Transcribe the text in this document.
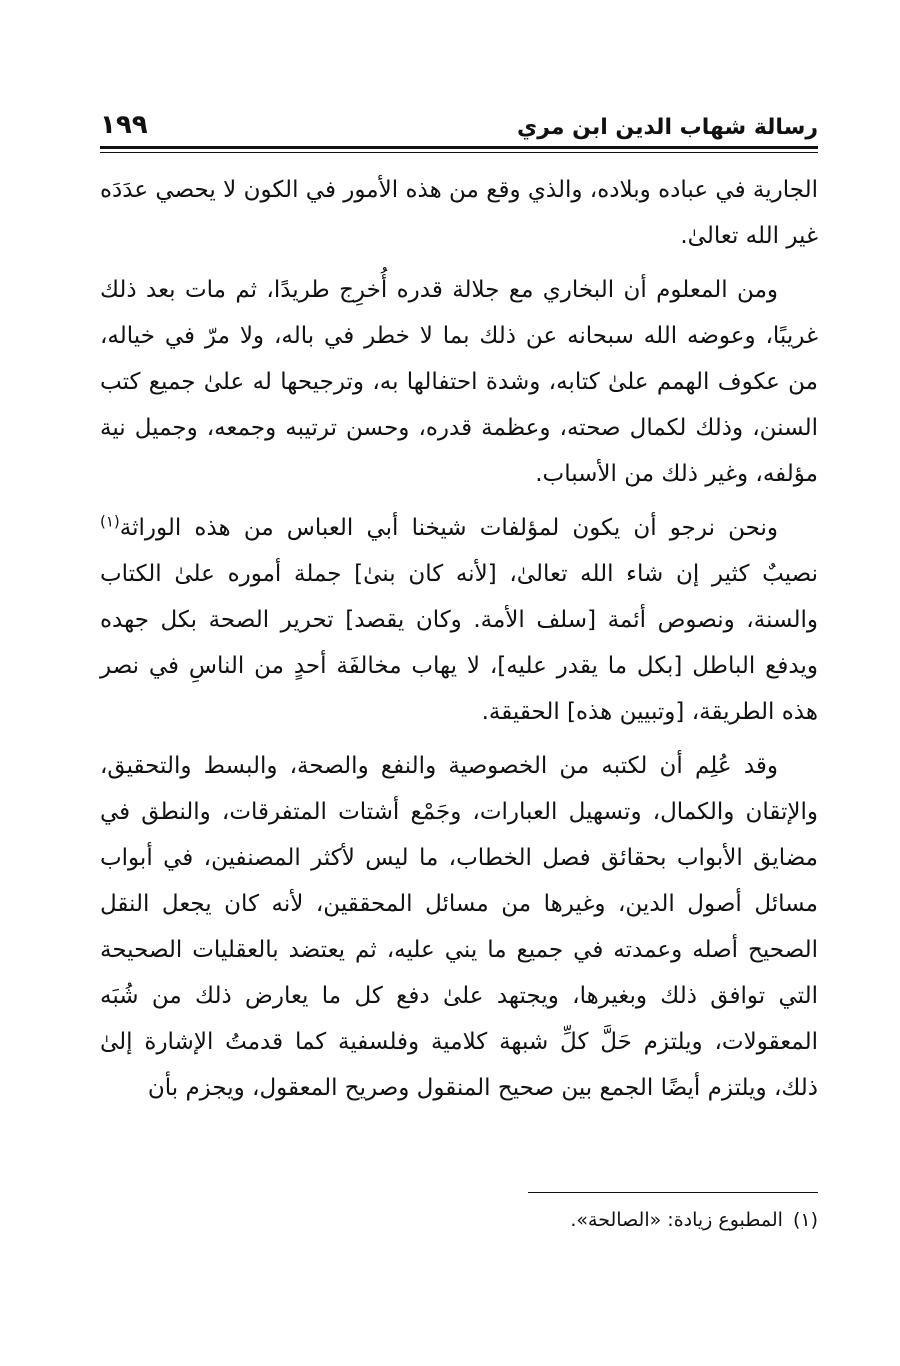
رسالة شهاب الدين ابن مري
١٩٩

الجارية في عباده وبلاده، والذي وقع من هذه الأمور في الكون لا يحصي عدَدَه غير الله تعالىٰ.

ومن المعلوم أن البخاري مع جلالة قدره أُخرِج طريدًا، ثم مات بعد ذلك غريبًا، وعوضه الله سبحانه عن ذلك بما لا خطر في باله، ولا مرّ في خياله، من عكوف الهمم علىٰ كتابه، وشدة احتفالها به، وترجيحها له علىٰ جميع كتب السنن، وذلك لكمال صحته، وعظمة قدره، وحسن ترتيبه وجمعه، وجميل نية مؤلفه، وغير ذلك من الأسباب.

ونحن نرجو أن يكون لمؤلفات شيخنا أبي العباس من هذه الوراثة$^{(١)}$ نصيبٌ كثير إن شاء الله تعالىٰ، [لأنه كان بنىٰ] جملة أموره علىٰ الكتاب والسنة، ونصوص أئمة [سلف الأمة. وكان يقصد] تحرير الصحة بكل جهده ويدفع الباطل [بكل ما يقدر عليه]، لا يهاب مخالفَة أحدٍ من الناسِ في نصر هذه الطريقة، [وتبيين هذه] الحقيقة.

وقد عُلِم أن لكتبه من الخصوصية والنفع والصحة، والبسط والتحقيق، والإتقان والكمال، وتسهيل العبارات، وجَمْع أشتات المتفرقات، والنطق في مضايق الأبواب بحقائق فصل الخطاب، ما ليس لأكثر المصنفين، في أبواب مسائل أصول الدين، وغيرها من مسائل المحققين، لأنه كان يجعل النقل الصحيح أصله وعمدته في جميع ما يني عليه، ثم يعتضد بالعقليات الصحيحة التي توافق ذلك وبغيرها، ويجتهد علىٰ دفع كل ما يعارض ذلك من شُبَه المعقولات، ويلتزم حَلَّ كلِّ شبهة كلامية وفلسفية كما قدمتُ الإشارة إلىٰ ذلك، ويلتزم أيضًا الجمع بين صحيح المنقول وصريح المعقول، ويجزم بأن

(١)المطبوع زيادة: «الصالحة».
